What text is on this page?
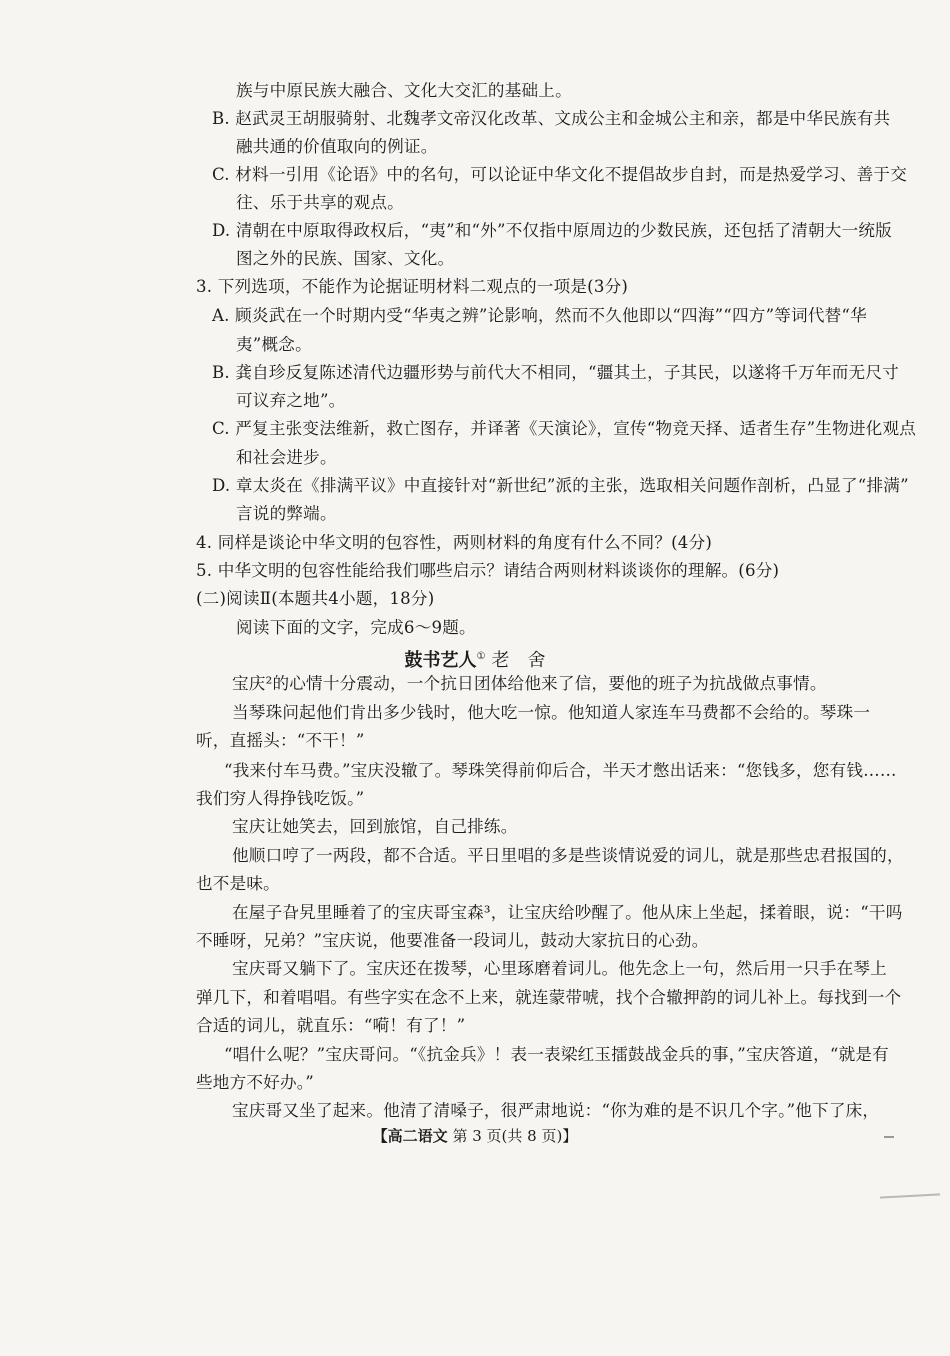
族与中原民族大融合、文化大交汇的基础上。
B. 赵武灵王胡服骑射、北魏孝文帝汉化改革、文成公主和金城公主和亲，都是中华民族有共
融共通的价值取向的例证。
C. 材料一引用《论语》中的名句，可以论证中华文化不提倡故步自封，而是热爱学习、善于交
往、乐于共享的观点。
D. 清朝在中原取得政权后，“夷”和“外”不仅指中原周边的少数民族，还包括了清朝大一统版
图之外的民族、国家、文化。
3. 下列选项，不能作为论据证明材料二观点的一项是(3分)
A. 顾炎武在一个时期内受“华夷之辨”论影响，然而不久他即以“四海”“四方”等词代替“华
夷”概念。
B. 龚自珍反复陈述清代边疆形势与前代大不相同，“疆其土，子其民，以遂将千万年而无尺寸
可议弃之地”。
C. 严复主张变法维新，救亡图存，并译著《天演论》，宣传“物竞天择、适者生存”生物进化观点
和社会进步。
D. 章太炎在《排满平议》中直接针对“新世纪”派的主张，选取相关问题作剖析，凸显了“排满”
言说的弊端。
4. 同样是谈论中华文明的包容性，两则材料的角度有什么不同？(4分)
5. 中华文明的包容性能给我们哪些启示？请结合两则材料谈谈你的理解。(6分)
(二)阅读Ⅱ(本题共4小题，18分)
阅读下面的文字，完成6～9题。
鼓书艺人① 老　舍
宝庆²的心情十分震动，一个抗日团体给他来了信，要他的班子为抗战做点事情。
当琴珠问起他们肯出多少钱时，他大吃一惊。他知道人家连车马费都不会给的。琴珠一
听，直摇头：“不干！”
“我来付车马费。”宝庆没辙了。琴珠笑得前仰后合，半天才憋出话来：“您钱多，您有钱……
我们穷人得挣钱吃饭。”
宝庆让她笑去，回到旅馆，自己排练。
他顺口哼了一两段，都不合适。平日里唱的多是些谈情说爱的词儿，就是那些忠君报国的，
也不是味。
在屋子旮旯里睡着了的宝庆哥宝森³，让宝庆给吵醒了。他从床上坐起，揉着眼，说：“干吗
不睡呀，兄弟？”宝庆说，他要准备一段词儿，鼓动大家抗日的心劲。
宝庆哥又躺下了。宝庆还在拨琴，心里琢磨着词儿。他先念上一句，然后用一只手在琴上
弹几下，和着唱唱。有些字实在念不上来，就连蒙带唬，找个合辙押韵的词儿补上。每找到一个
合适的词儿，就直乐：“嗬！有了！”
“唱什么呢？”宝庆哥问。“《抗金兵》！表一表梁红玉擂鼓战金兵的事，”宝庆答道，“就是有
些地方不好办。”
宝庆哥又坐了起来。他清了清嗓子，很严肃地说：“你为难的是不识几个字。”他下了床，
【高二语文 第 3 页(共 8 页)】
